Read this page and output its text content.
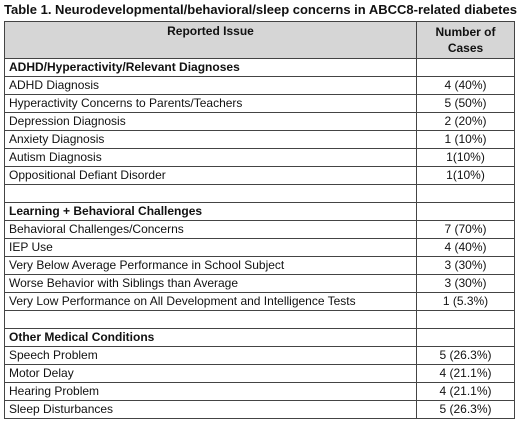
Table 1. Neurodevelopmental/behavioral/sleep concerns in ABCC8-related diabetes
Reported Issue	Number of
Cases
ADHD/Hyperactivity/Relevant Diagnoses	
ADHD Diagnosis	4 (40%)
Hyperactivity Concerns to Parents/Teachers	5 (50%)
Depression Diagnosis	2 (20%)
Anxiety Diagnosis	1 (10%)
Autism Diagnosis	1(10%)
Oppositional Defiant Disorder	1(10%)

Learning + Behavioral Challenges	
Behavioral Challenges/Concerns	7 (70%)
IEP Use	4 (40%)
Very Below Average Performance in School Subject	3 (30%)
Worse Behavior with Siblings than Average	3 (30%)
Very Low Performance on All Development and Intelligence Tests	1 (5.3%)

Other Medical Conditions	
Speech Problem	5 (26.3%)
Motor Delay	4 (21.1%)
Hearing Problem	4 (21.1%)
Sleep Disturbances	5 (26.3%)
